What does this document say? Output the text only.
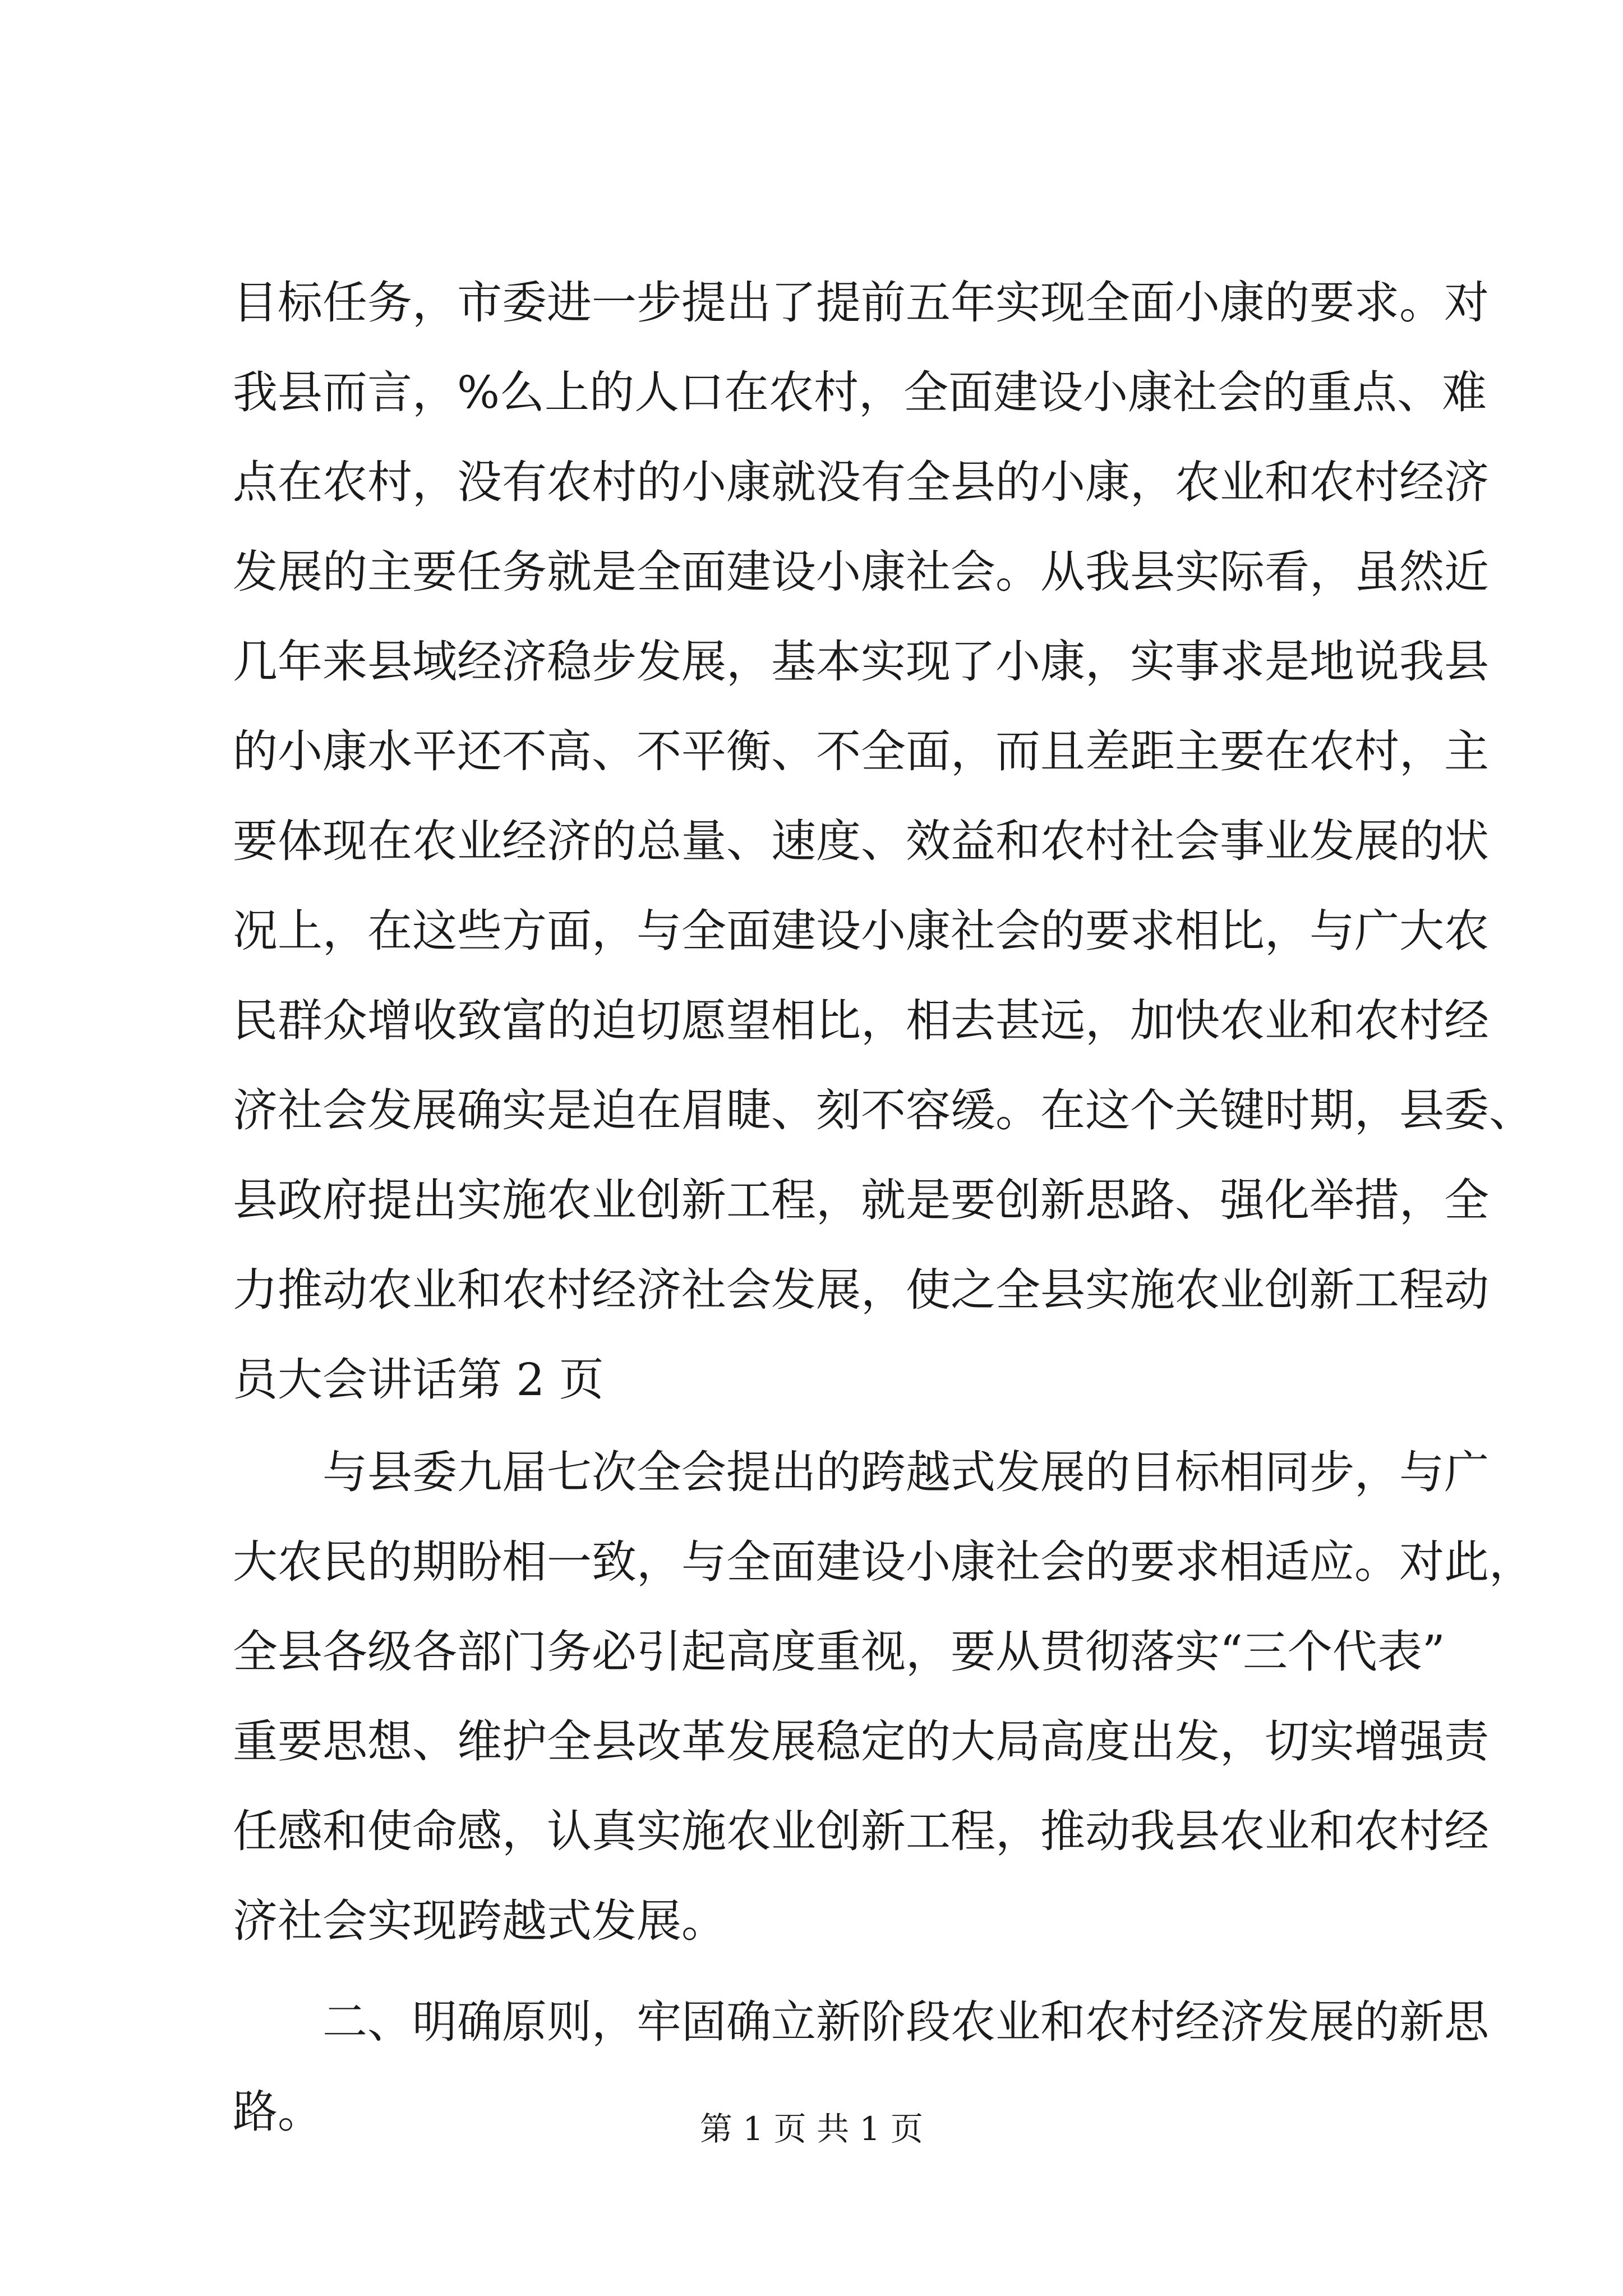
目标任务，市委进一步提出了提前五年实现全面小康的要求。对
我县而言，%么上的人口在农村，全面建设小康社会的重点、难
点在农村，没有农村的小康就没有全县的小康，农业和农村经济
发展的主要任务就是全面建设小康社会。从我县实际看，虽然近
几年来县域经济稳步发展，基本实现了小康，实事求是地说我县
的小康水平还不高、不平衡、不全面，而且差距主要在农村，主
要体现在农业经济的总量、速度、效益和农村社会事业发展的状
况上，在这些方面，与全面建设小康社会的要求相比，与广大农
民群众增收致富的迫切愿望相比，相去甚远，加快农业和农村经
济社会发展确实是迫在眉睫、刻不容缓。在这个关键时期，县委、
县政府提出实施农业创新工程，就是要创新思路、强化举措，全
力推动农业和农村经济社会发展，使之全县实施农业创新工程动
员大会讲话第 2 页
与县委九届七次全会提出的跨越式发展的目标相同步，与广
大农民的期盼相一致，与全面建设小康社会的要求相适应。对此，
全县各级各部门务必引起高度重视，要从贯彻落实“三个代表”
重要思想、维护全县改革发展稳定的大局高度出发，切实增强责
任感和使命感，认真实施农业创新工程，推动我县农业和农村经
济社会实现跨越式发展。
二、明确原则，牢固确立新阶段农业和农村经济发展的新思
路。	第 1 页 共 1 页
